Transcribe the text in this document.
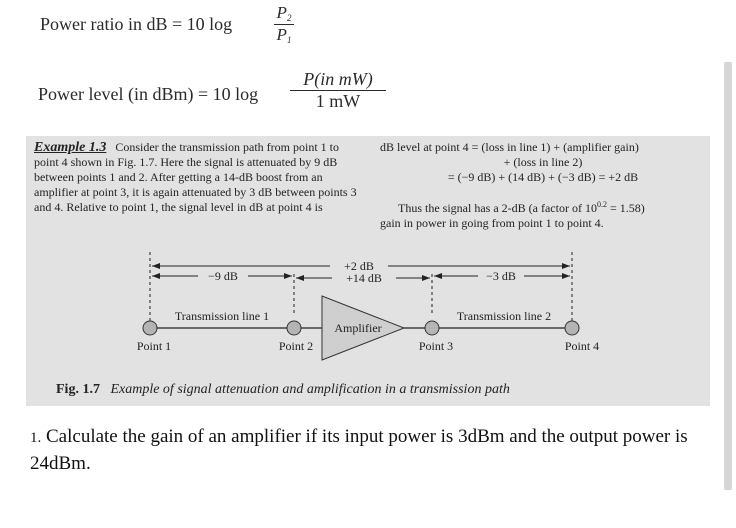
Power ratio in dB = 10 log
$P_2$
$P_1$
Power level (in dBm) = 10 log
P(in mW)
1 mW
Example 1.3 Consider the transmission path from point 1 to point 4 shown in Fig. 1.7. Here the signal is attenuated by 9 dB between points 1 and 2. After getting a 14-dB boost from an amplifier at point 3, it is again attenuated by 3 dB between points 3 and 4. Relative to point 1, the signal level in dB at point 4 is
dB level at point 4 = (loss in line 1) + (amplifier gain)
+ (loss in line 2)
= (−9 dB) + (14 dB) + (−3 dB) = +2 dB
Thus the signal has a 2-dB (a factor of $10^{0.2} = 1.58$)
gain in power in going from point 1 to point 4.
−9 dB
+2 dB
+14 dB	−3 dB
Transmission line 1	Transmission line 2
Amplifier
Point 1	Point 2	Point 3	Point 4
Fig. 1.7 Example of signal attenuation and amplification in a transmission path
1. Calculate the gain of an amplifier if its input power is 3dBm and the output power is 24dBm.
